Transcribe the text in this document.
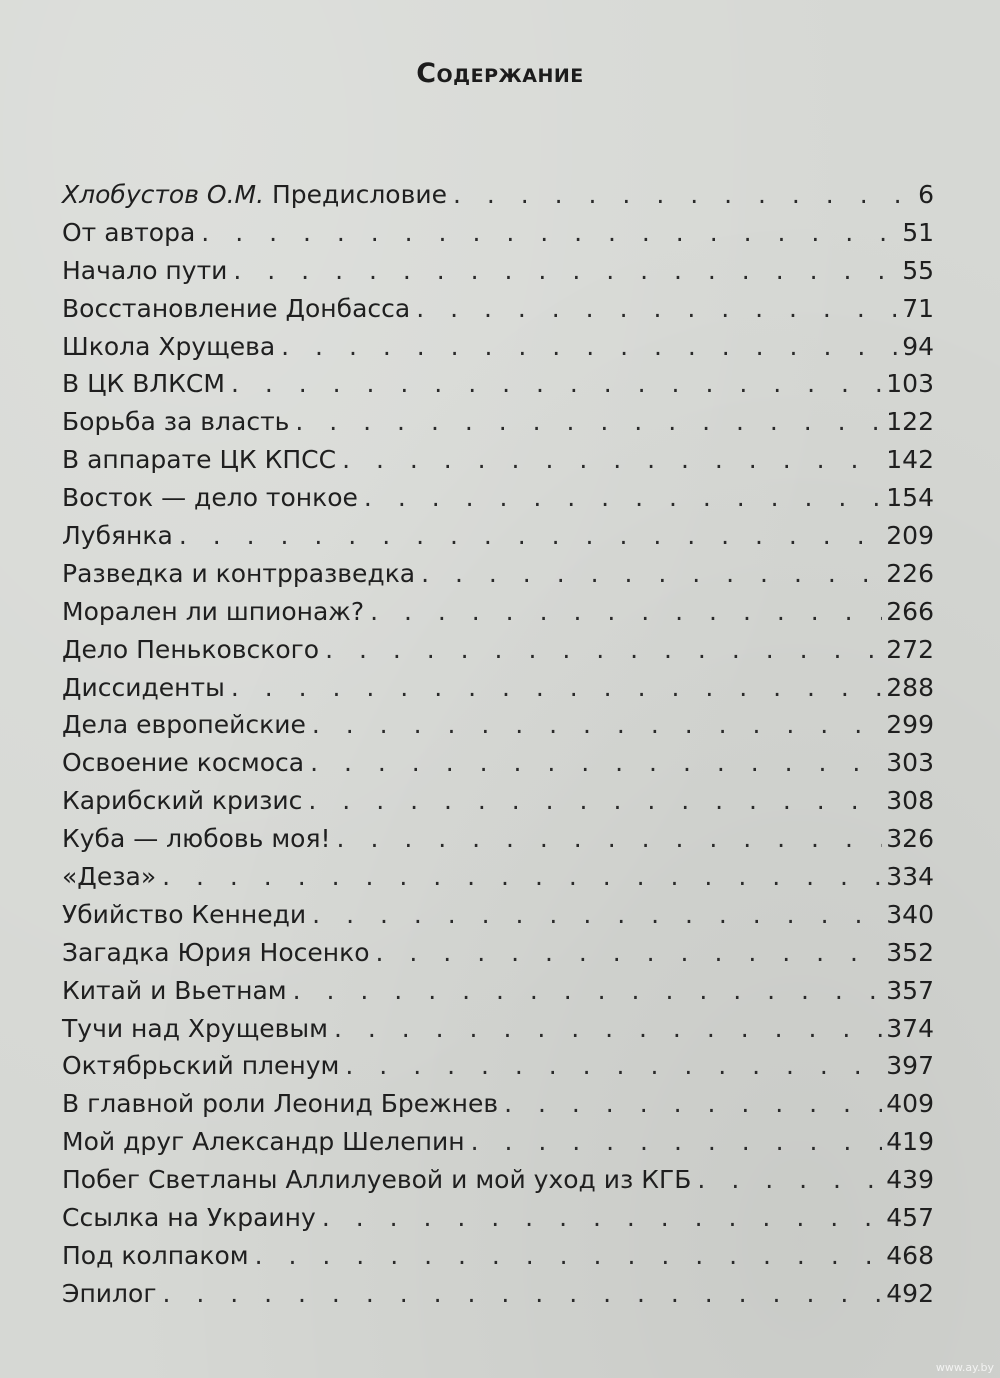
Содержание
Хлобустов О.М. Предисловие . . .	6
От автора . . .	51
Начало пути . . .	55
Восстановление Донбасса . . .	71
Школа Хрущева . . .	94
В ЦК ВЛКСМ . . .	103
Борьба за власть . . .	122
В аппарате ЦК КПСС . . .	142
Восток — дело тонкое . . .	154
Лубянка . . .	209
Разведка и контрразведка . . .	226
Морален ли шпионаж? . . .	266
Дело Пеньковского . . .	272
Диссиденты . . .	288
Дела европейские . . .	299
Освоение космоса . . .	303
Карибский кризис . . .	308
Куба — любовь моя! . . .	326
«Деза» . . .	334
Убийство Кеннеди . . .	340
Загадка Юрия Носенко . . .	352
Китай и Вьетнам . . .	357
Тучи над Хрущевым . . .	374
Октябрьский пленум . . .	397
В главной роли Леонид Брежнев . . .	409
Мой друг Александр Шелепин . . .	419
Побег Светланы Аллилуевой и мой уход из КГБ . . .	439
Ссылка на Украину . . .	457
Под колпаком . . .	468
Эпилог . . .	492
www.ay.by
